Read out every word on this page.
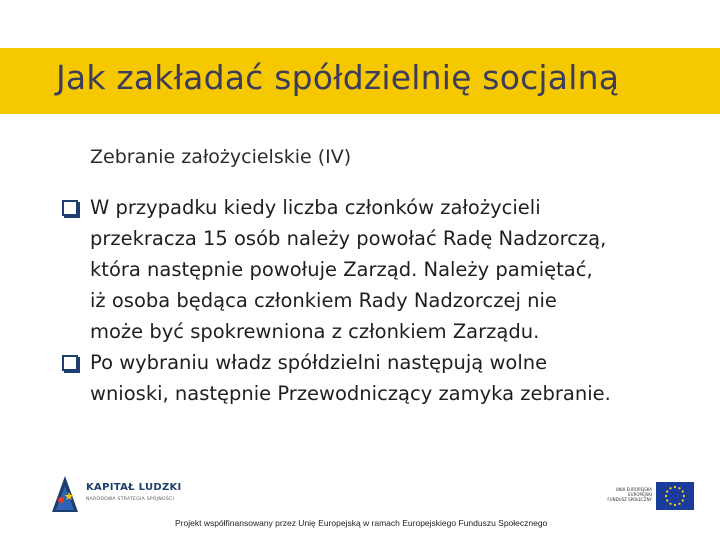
Jak zakładać spółdzielnię socjalną
Zebranie założycielskie (IV)
W przypadku kiedy liczba członków założycieli
przekracza 15 osób należy powołać Radę Nadzorczą,
która następnie powołuje Zarząd. Należy pamiętać,
iż osoba będąca członkiem Rady Nadzorczej nie
może być spokrewniona z członkiem Zarządu.
Po wybraniu władz spółdzielni następują wolne
wnioski, następnie Przewodniczący zamyka zebranie.
KAPITAŁ LUDZKI
NARODOWA STRATEGIA SPÓJNOŚCI
UNIA EUROPEJSKA
EUROPEJSKI
FUNDUSZ SPOŁECZNY
Projekt współfinansowany przez Unię Europejską w ramach Europejskiego Funduszu Społecznego
